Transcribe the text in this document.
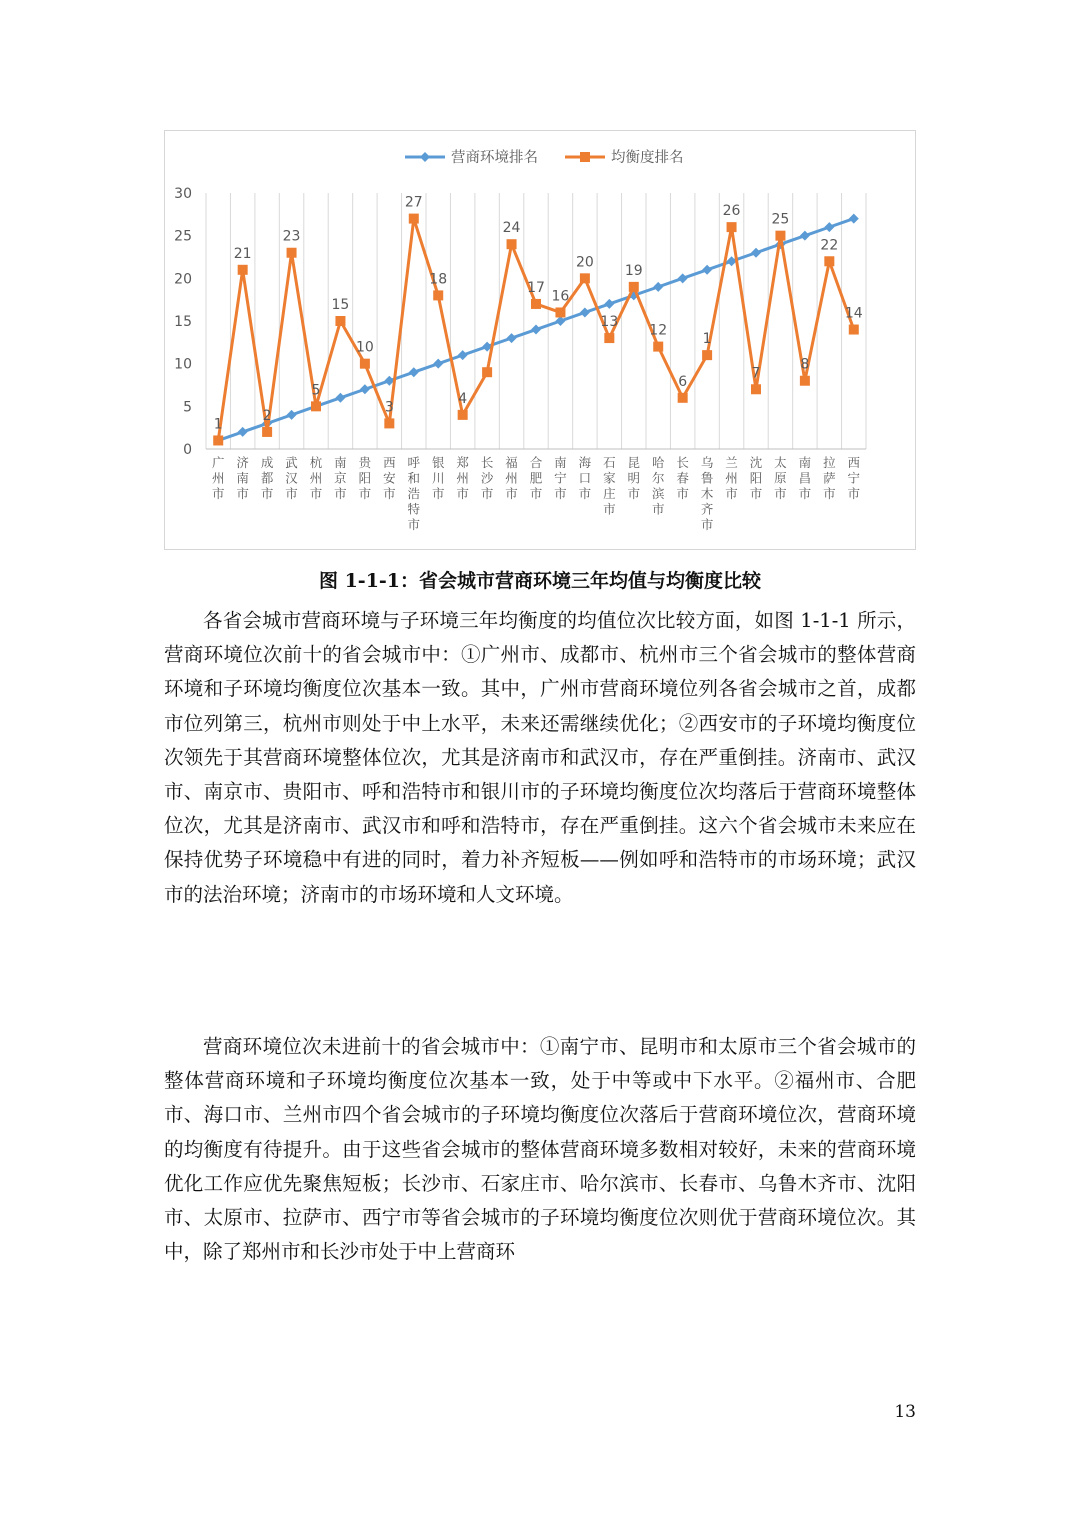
0
5
10
15
20
25
30
广州市
济南市
成都市
武汉市
杭州市
南京市
贵阳市
西安市
呼和浩特市
银川市
郑州市
长沙市
福州市
合肥市
南宁市
海口市
石家庄市
昆明市
哈尔滨市
长春市
乌鲁木齐市
兰州市
沈阳市
太原市
南昌市
拉萨市
西宁市
1
21
2
23
5
15
10
3
27
18
4
24
17
16
20
13
19
12
6
1
26
7
25
8
22
14
营商环境排名	均衡度排名
图 1-1-1：省会城市营商环境三年均值与均衡度比较

各省会城市营商环境与子环境三年均衡度的均值位次比较方面，如图 1-1-1 所示，营商环境位次前十的省会城市中：①广州市、成都市、杭州市三个省会城市的整体营商环境和子环境均衡度位次基本一致。其中，广州市营商环境位列各省会城市之首，成都市位列第三，杭州市则处于中上水平，未来还需继续优化；②西安市的子环境均衡度位次领先于其营商环境整体位次，尤其是济南市和武汉市，存在严重倒挂。济南市、武汉市、南京市、贵阳市、呼和浩特市和银川市的子环境均衡度位次均落后于营商环境整体位次，尤其是济南市、武汉市和呼和浩特市，存在严重倒挂。这六个省会城市未来应在保持优势子环境稳中有进的同时，着力补齐短板——例如呼和浩特市的市场环境；武汉市的法治环境；济南市的市场环境和人文环境。

营商环境位次未进前十的省会城市中：①南宁市、昆明市和太原市三个省会城市的整体营商环境和子环境均衡度位次基本一致，处于中等或中下水平。②福州市、合肥市、海口市、兰州市四个省会城市的子环境均衡度位次落后于营商环境位次，营商环境的均衡度有待提升。由于这些省会城市的整体营商环境多数相对较好，未来的营商环境优化工作应优先聚焦短板；长沙市、石家庄市、哈尔滨市、长春市、乌鲁木齐市、沈阳市、太原市、拉萨市、西宁市等省会城市的子环境均衡度位次则优于营商环境位次。其中，除了郑州市和长沙市处于中上营商环

13
